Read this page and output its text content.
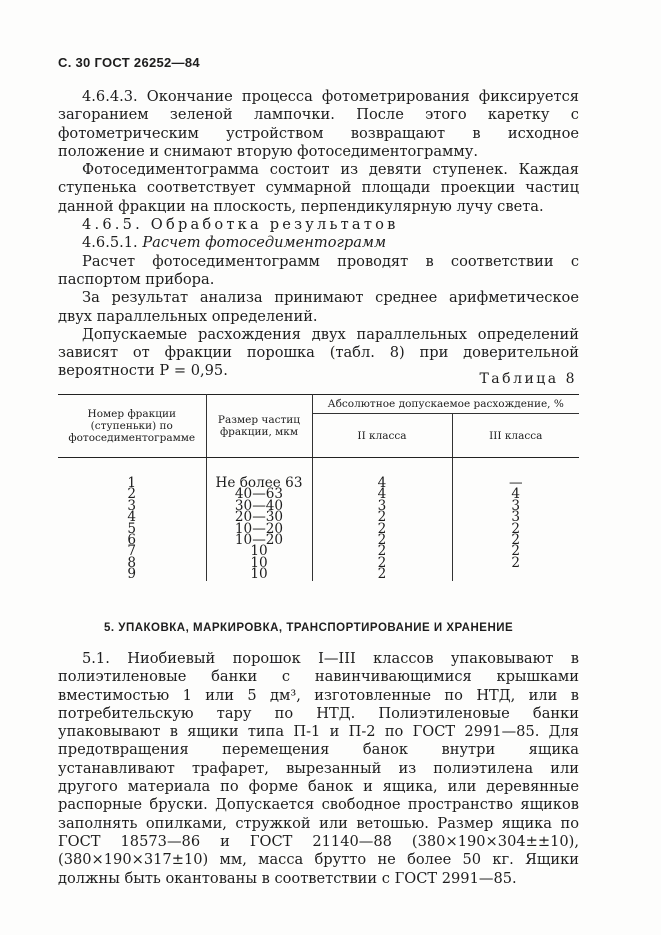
С. 30 ГОСТ 26252—84

4.6.4.3. Окончание процесса фотометрирования фиксируется загоранием зеленой лампочки. После этого каретку с фотометрическим устройством возвращают в исходное положение и снимают вторую фотоседиментограмму.

Фотоседиментограмма состоит из девяти ступенек. Каждая ступенька соответствует суммарной площади проекции частиц данной фракции на плоскость, перпендикулярную лучу света.

4.6.5. Обработка результатов

4.6.5.1. Расчет фотоседиментограмм

Расчет фотоседиментограмм проводят в соответствии с паспортом прибора.

За результат анализа принимают среднее арифметическое двух параллельных определений.

Допускаемые расхождения двух параллельных определений зависят от фракции порошка (табл. 8) при доверительной вероятности P = 0,95.	Таблица 8
Номер фракции (ступеньки) по фотоседиментограмме	Размер частиц фракции, мкм	Абсолютное допускаемое расхождение, %	
		II класса	III класса
1	Не более 63	4	—
2	40—63	4	4
3	30—40	3	3
4	20—30	2	3
5	10—20	2	2
6	10—20	2	2
7	10	2	2
8	10	2	2
9	10	2	
5. УПАКОВКА, МАРКИРОВКА, ТРАНСПОРТИРОВАНИЕ И ХРАНЕНИЕ

5.1. Ниобиевый порошок I—III классов упаковывают в полиэтиленовые банки с навинчивающимися крышками вместимостью 1 или 5 дм³, изготовленные по НТД, или в потребительскую тару по НТД. Полиэтиленовые банки упаковывают в ящики типа П-1 и П-2 по ГОСТ 2991—85. Для предотвращения перемещения банок внутри ящика устанавливают трафарет, вырезанный из полиэтилена или другого материала по форме банок и ящика, или деревянные распорные бруски. Допускается свободное пространство ящиков заполнять опилками, стружкой или ветошью. Размер ящика по ГОСТ 18573—86 и ГОСТ 21140—88 (380×190×304±±10), (380×190×317±10) мм, масса брутто не более 50 кг. Ящики должны быть окантованы в соответствии с ГОСТ 2991—85.
